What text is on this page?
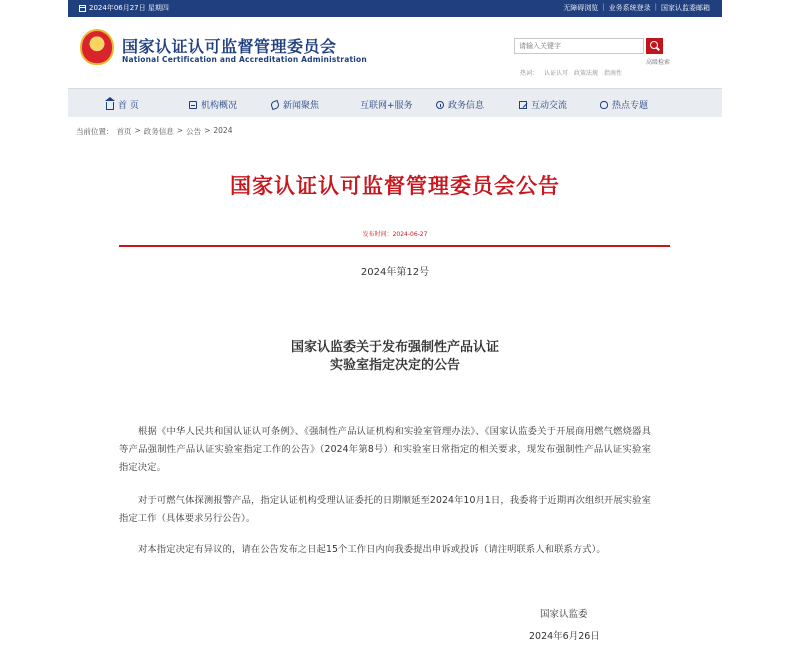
2024年06月27日 星期四	无障碍浏览 | 业务系统登录 | 国家认监委邮箱
★
国家认证认可监督管理委员会
National Certification and Accreditation Administration
请输入关键字	高级检索
热词： 认证认可 政策法规 指南性
首 页	机构概况	新闻聚焦	互联网+服务	政务信息	互动交流
··	热点专题
当前位置： 首页 > 政务信息 > 公告 > 2024
国家认证认可监督管理委员会公告
发布时间：2024-06-27
2024年第12号
国家认监委关于发布强制性产品认证
实验室指定决定的公告
根据《中华人民共和国认证认可条例》、《强制性产品认证机构和实验室管理办法》、《国家认监委关于开展商用燃气燃烧器具等产品强制性产品认证实验室指定工作的公告》（2024年第8号）和实验室日常指定的相关要求，现发布强制性产品认证实验室指定决定。
对于可燃气体探测报警产品，指定认证机构受理认证委托的日期顺延至2024年10月1日，我委将于近期再次组织开展实验室指定工作（具体要求另行公告）。
对本指定决定有异议的，请在公告发布之日起15个工作日内向我委提出申诉或投诉（请注明联系人和联系方式）。
国家认监委
2024年6月26日
